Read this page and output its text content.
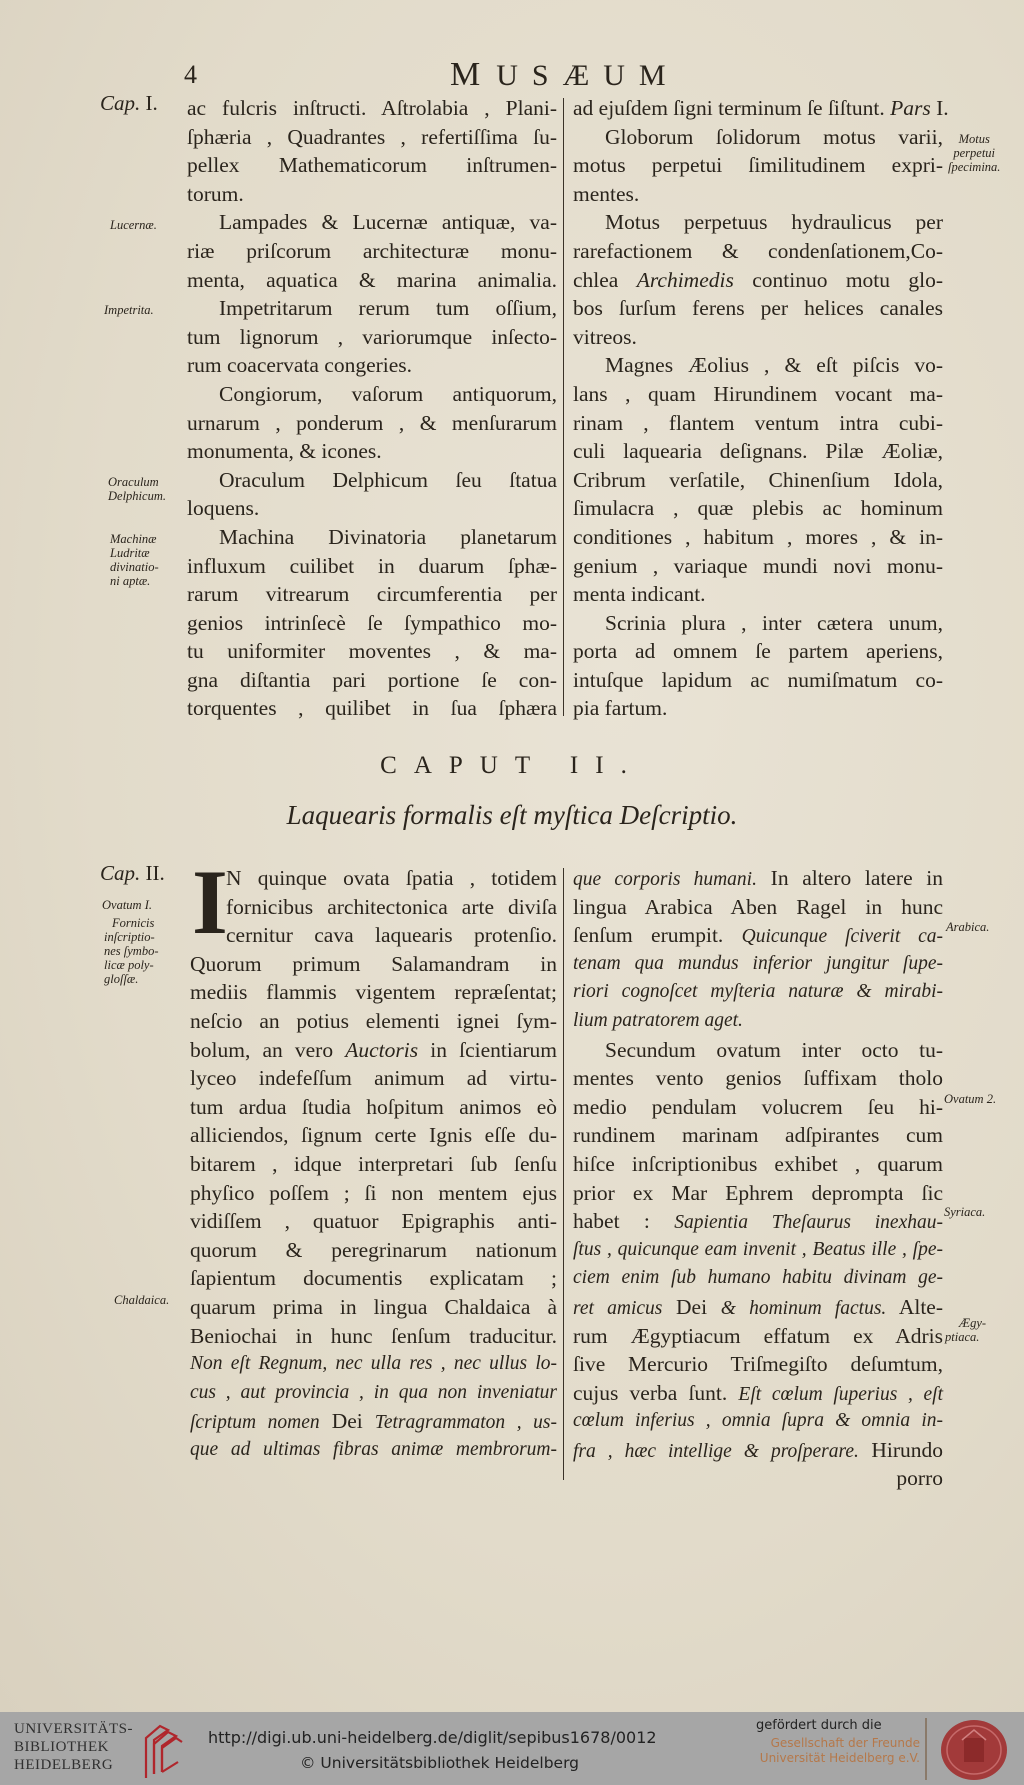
4	MUSÆUM
Cap. I.
Lucernæ.
Impetrita.
Oraculum
Delphicum.
Machinæ
Ludritæ
divinatio-
ni aptæ.
ac fulcris inſtructi. Aſtrolabia , Plani-
ſphæria , Quadrantes , refertiſſima ſu-
pellex Mathematicorum inſtrumen-
torum.
Lampades & Lucernæ antiquæ, va-
riæ priſcorum architecturæ monu-
menta, aquatica & marina animalia.
Impetritarum rerum tum oſſium,
tum lignorum , variorumque inſecto-
rum coacervata congeries.
Congiorum, vaſorum antiquorum,
urnarum , ponderum , & menſurarum
monumenta, & icones.
Oraculum Delphicum ſeu ſtatua
loquens.
Machina Divinatoria planetarum
influxum cuilibet in duarum ſphæ-
rarum vitrearum circumferentia per
genios intrinſecè ſe ſympathico mo-
tu uniformiter moventes , & ma-
gna diſtantia pari portione ſe con-
torquentes , quilibet in ſua ſphæra
ad ejuſdem ſigni terminum ſe ſiſtunt. Pars I.
Globorum ſolidorum motus varii,
motus perpetui ſimilitudinem expri-
mentes.
Motus perpetuus hydraulicus per
rarefactionem & condenſationem,Co-
chlea Archimedis continuo motu glo-
bos ſurſum ferens per helices canales
vitreos.
Magnes Æolius , & eſt piſcis vo-
lans , quam Hirundinem vocant ma-
rinam , flantem ventum intra cubi-
culi laquearia deſignans. Pilæ Æoliæ,
Cribrum verſatile, Chinenſium Idola,
ſimulacra , quæ plebis ac hominum
conditiones , habitum , mores , & in-
genium , variaque mundi novi monu-
menta indicant.
Scrinia plura , inter cætera unum,
porta ad omnem ſe partem aperiens,
intuſque lapidum ac numiſmatum co-
pia fartum.
Motus
perpetui
ſpecimina.
CAPUT II.
Laquearis formalis eſt myſtica Deſcriptio.
Cap. II.
Ovatum I.
Fornicis
inſcriptio-
nes ſymbo-
licæ poly-
gloſſæ.
Chaldaica.
I
N quinque ovata ſpatia , totidem
fornicibus architectonica arte diviſa
cernitur cava laquearis protenſio.
Quorum primum Salamandram in
mediis flammis vigentem repræſentat;
neſcio an potius elementi ignei ſym-
bolum, an vero Auctoris in ſcientiarum
lyceo indefeſſum animum ad virtu-
tum ardua ſtudia hoſpitum animos eò
alliciendos, ſignum certe Ignis eſſe du-
bitarem , idque interpretari ſub ſenſu
phyſico poſſem ; ſi non mentem ejus
vidiſſem , quatuor Epigraphis anti-
quorum & peregrinarum nationum
ſapientum documentis explicatam ;
quarum prima in lingua Chaldaica à
Beniochai in hunc ſenſum traducitur.
Non eſt Regnum, nec ulla res , nec ullus lo-
cus , aut provincia , in qua non inveniatur
ſcriptum nomen Dei Tetragrammaton , us-
que ad ultimas fibras animæ membrorum-
que corporis humani. In altero latere in
lingua Arabica Aben Ragel in hunc
ſenſum erumpit. Quicunque ſciverit ca-
tenam qua mundus inferior jungitur ſupe-
riori cognoſcet myſteria naturæ & mirabi-
lium patratorem aget.
Secundum ovatum inter octo tu-
mentes vento genios ſuffixam tholo
medio pendulam volucrem ſeu hi-
rundinem marinam adſpirantes cum
hiſce inſcriptionibus exhibet , quarum
prior ex Mar Ephrem deprompta ſic
habet : Sapientia Theſaurus inexhau-
ſtus , quicunque eam invenit , Beatus ille , ſpe-
ciem enim ſub humano habitu divinam ge-
ret amicus Dei & hominum factus. Alte-
rum Ægyptiacum effatum ex Adris
ſive Mercurio Triſmegiſto deſumtum,
cujus verba ſunt. Eſt cœlum ſuperius , eſt
cœlum inferius , omnia ſupra & omnia in-
fra , hæc intellige & proſperare. Hirundo
porro
Arabica.
Ovatum 2.
Syriaca.
Ægy-
ptiaca.
UNIVERSITÄTS-
BIBLIOTHEK
HEIDELBERG
http://digi.ub.uni-heidelberg.de/diglit/sepibus1678/0012
© Universitätsbibliothek Heidelberg
gefördert durch die
Gesellschaft der Freunde
Universität Heidelberg e.V.
